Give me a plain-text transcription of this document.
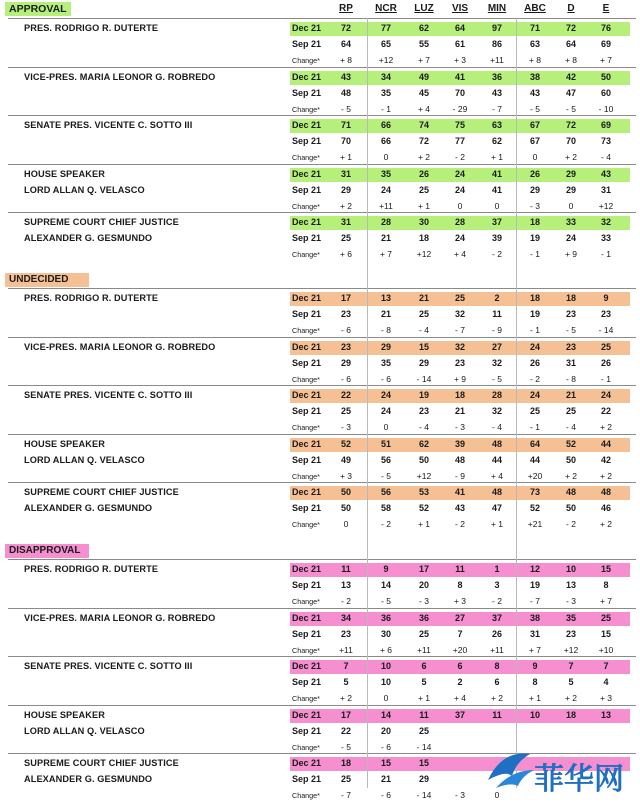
APPROVAL	RP	NCR	LUZ	VIS	MIN	ABC	D	E
PRES. RODRIGO R. DUTERTE	Dec 21	72	77	62	64	97	71	72	76
Sep 21	64	65	55	61	86	63	64	69
Change*	+ 8	+12	+ 7	+ 3	+11	+ 8	+ 8	+ 7
VICE-PRES. MARIA LEONOR G. ROBREDO	Dec 21	43	34	49	41	36	38	42	50
Sep 21	48	35	45	70	43	43	47	60
Change*	- 5	- 1	+ 4	- 29	- 7	- 5	- 5	- 10
SENATE PRES. VICENTE C. SOTTO III	Dec 21	71	66	74	75	63	67	72	69
Sep 21	70	66	72	77	62	67	70	73
Change*	+ 1	0	+ 2	- 2	+ 1	0	+ 2	- 4
HOUSE SPEAKER
LORD ALLAN Q. VELASCO
Dec 21	31	35	26	24	41	26	29	43
Sep 21	29	24	25	24	41	29	29	31
Change*	+ 2	+11	+ 1	0	0	- 3	0	+12
SUPREME COURT CHIEF JUSTICE
ALEXANDER G. GESMUNDO
Dec 21	31	28	30	28	37	18	33	32
Sep 21	25	21	18	24	39	19	24	33
Change*	+ 6	+ 7	+12	+ 4	- 2	- 1	+ 9	- 1
UNDECIDED
PRES. RODRIGO R. DUTERTE	Dec 21	17	13	21	25	2	18	18	9
Sep 21	23	21	25	32	11	19	23	23
Change*	- 6	- 8	- 4	- 7	- 9	- 1	- 5	- 14
VICE-PRES. MARIA LEONOR G. ROBREDO	Dec 21	23	29	15	32	27	24	23	25
Sep 21	29	35	29	23	32	26	31	26
Change*	- 6	- 6	- 14	+ 9	- 5	- 2	- 8	- 1
SENATE PRES. VICENTE C. SOTTO III	Dec 21	22	24	19	18	28	24	21	24
Sep 21	25	24	23	21	32	25	25	22
Change*	- 3	0	- 4	- 3	- 4	- 1	- 4	+ 2
HOUSE SPEAKER
LORD ALLAN Q. VELASCO
Dec 21	52	51	62	39	48	64	52	44
Sep 21	49	56	50	48	44	44	50	42
Change*	+ 3	- 5	+12	- 9	+ 4	+20	+ 2	+ 2
SUPREME COURT CHIEF JUSTICE
ALEXANDER G. GESMUNDO
Dec 21	50	56	53	41	48	73	48	48
Sep 21	50	58	52	43	47	52	50	46
Change*	0	- 2	+ 1	- 2	+ 1	+21	- 2	+ 2
DISAPPROVAL
PRES. RODRIGO R. DUTERTE	Dec 21	11	9	17	11	1	12	10	15
Sep 21	13	14	20	8	3	19	13	8
Change*	- 2	- 5	- 3	+ 3	- 2	- 7	- 3	+ 7
VICE-PRES. MARIA LEONOR G. ROBREDO	Dec 21	34	36	36	27	37	38	35	25
Sep 21	23	30	25	7	26	31	23	15
Change*	+11	+ 6	+11	+20	+11	+ 7	+12	+10
SENATE PRES. VICENTE C. SOTTO III	Dec 21	7	10	6	6	8	9	7	7
Sep 21	5	10	5	2	6	8	5	4
Change*	+ 2	0	+ 1	+ 4	+ 2	+ 1	+ 2	+ 3
HOUSE SPEAKER
LORD ALLAN Q. VELASCO
Dec 21	17	14	11	37	11	10	18	13
Sep 21	22	20	25
Change*	- 5	- 6	- 14
SUPREME COURT CHIEF JUSTICE
ALEXANDER G. GESMUNDO
Dec 21	18	15	15
Sep 21	25	21	29
Change*	- 7	- 6	- 14	- 3	0	菲华网
